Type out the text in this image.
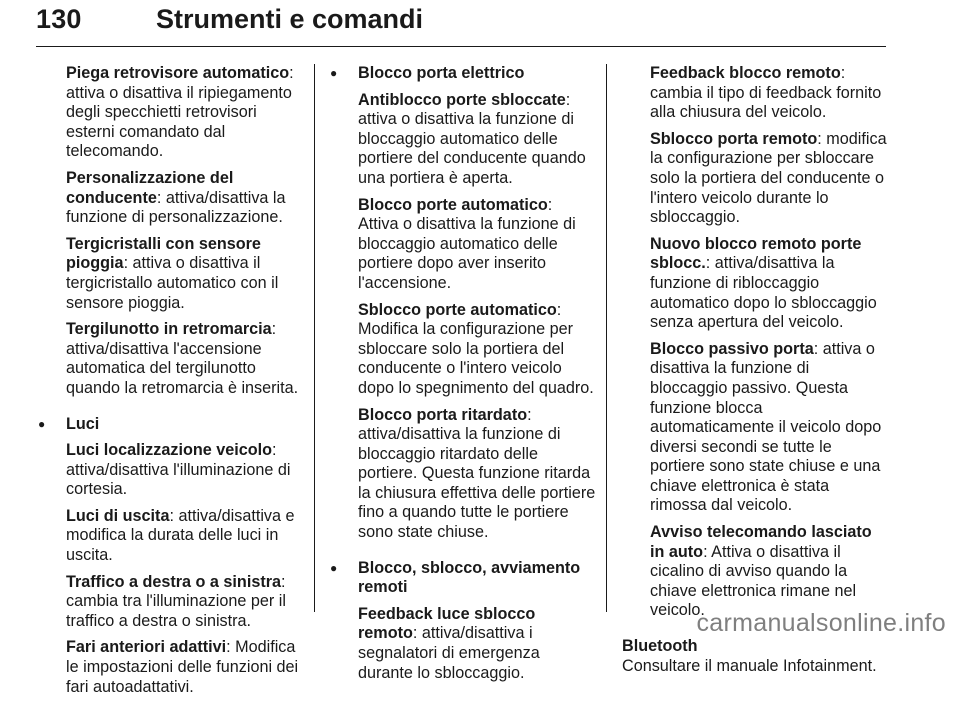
130	Strumenti e comandi

Piega retrovisore automatico: attiva o disattiva il ripiegamento degli specchietti retrovisori esterni comandato dal telecomando.

Personalizzazione del conducente: attiva/disattiva la funzione di personalizzazione.

Tergicristalli con sensore pioggia: attiva o disattiva il tergicristallo automatico con il sensore pioggia.

Tergilunotto in retromarcia: attiva/disattiva l'accensione automatica del tergilunotto quando la retromarcia è inserita.

● Luci

Luci localizzazione veicolo: attiva/disattiva l'illuminazione di cortesia.

Luci di uscita: attiva/disattiva e modifica la durata delle luci in uscita.

Traffico a destra o a sinistra: cambia tra l'illuminazione per il traffico a destra o sinistra.

Fari anteriori adattivi: Modifica le impostazioni delle funzioni dei fari autoadattativi.

● Blocco porta elettrico

Antiblocco porte sbloccate: attiva o disattiva la funzione di bloccaggio automatico delle portiere del conducente quando una portiera è aperta.

Blocco porte automatico: Attiva o disattiva la funzione di bloccaggio automatico delle portiere dopo aver inserito l'accensione.

Sblocco porte automatico: Modifica la configurazione per sbloccare solo la portiera del conducente o l'intero veicolo dopo lo spegnimento del quadro.

Blocco porta ritardato: attiva/disattiva la funzione di bloccaggio ritardato delle portiere. Questa funzione ritarda la chiusura effettiva delle portiere fino a quando tutte le portiere sono state chiuse.

● Blocco, sblocco, avviamento remoti

Feedback luce sblocco remoto: attiva/disattiva i segnalatori di emergenza durante lo sbloccaggio.

Feedback blocco remoto: cambia il tipo di feedback fornito alla chiusura del veicolo.

Sblocco porta remoto: modifica la configurazione per sbloccare solo la portiera del conducente o l'intero veicolo durante lo sbloccaggio.

Nuovo blocco remoto porte sblocc.: attiva/disattiva la funzione di ribloccaggio automatico dopo lo sbloccaggio senza apertura del veicolo.

Blocco passivo porta: attiva o disattiva la funzione di bloccaggio passivo. Questa funzione blocca automaticamente il veicolo dopo diversi secondi se tutte le portiere sono state chiuse e una chiave elettronica è stata rimossa dal veicolo.

Avviso telecomando lasciato in auto: Attiva o disattiva il cicalino di avviso quando la chiave elettronica rimane nel veicolo.

Bluetooth
Consultare il manuale Infotainment.

carmanualsonline.info
